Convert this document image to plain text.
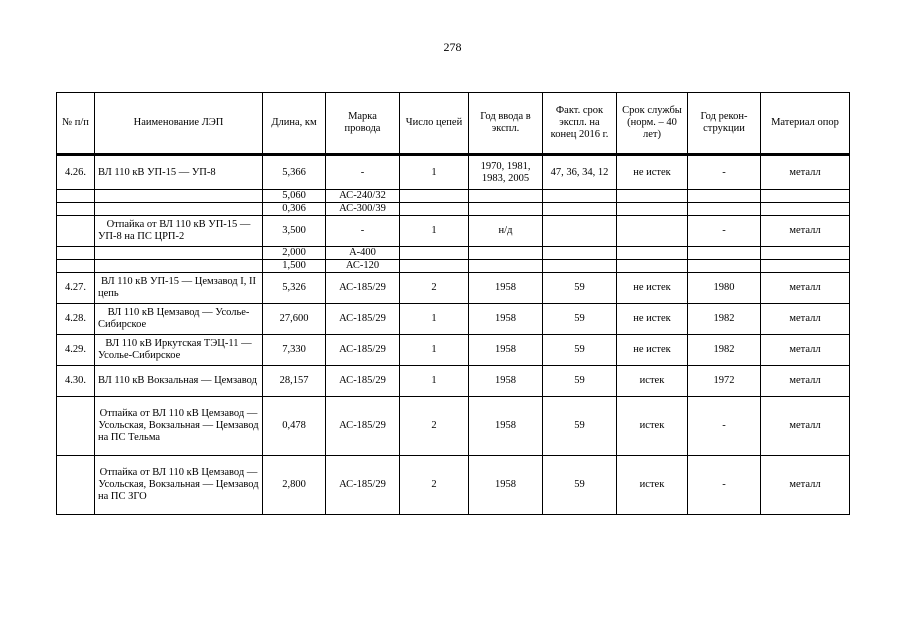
278
№ п/п	Наименование ЛЭП	Длина, км	Марка провода	Число цепей	Год ввода в экспл.	Факт. срок экспл. на конец 2016 г.	Срок службы (норм. – 40 лет)	Год рекон-струкции	Материал опор

4.26.	ВЛ 110 кВ УП-15 — УП-8	5,366	-	1	1970, 1981, 1983, 2005	47, 36, 34, 12	не истек	-	металл
		5,060	АС-240/32						
		0,306	АС-300/39						
	Отпайка от ВЛ 110 кВ УП-15 — УП-8 на ПС ЦРП-2	3,500	-	1	н/д			-	металл
		2,000	А-400						
		1,500	АС-120						
4.27.	ВЛ 110 кВ УП-15 — Цемзавод I, II цепь	5,326	АС-185/29	2	1958	59	не истек	1980	металл
4.28.	ВЛ 110 кВ Цемзавод — Усолье-Сибирское	27,600	АС-185/29	1	1958	59	не истек	1982	металл
4.29.	ВЛ 110 кВ Иркутская ТЭЦ-11 — Усолье-Сибирское	7,330	АС-185/29	1	1958	59	не истек	1982	металл
4.30.	ВЛ 110 кВ Вокзальная — Цемзавод	28,157	АС-185/29	1	1958	59	истек	1972	металл
	Отпайка от ВЛ 110 кВ Цемзавод — Усольская, Вокзальная — Цемзавод на ПС Тельма	0,478	АС-185/29	2	1958	59	истек	-	металл
	Отпайка от ВЛ 110 кВ Цемзавод — Усольская, Вокзальная — Цемзавод на ПС ЗГО	2,800	АС-185/29	2	1958	59	истек	-	металл
